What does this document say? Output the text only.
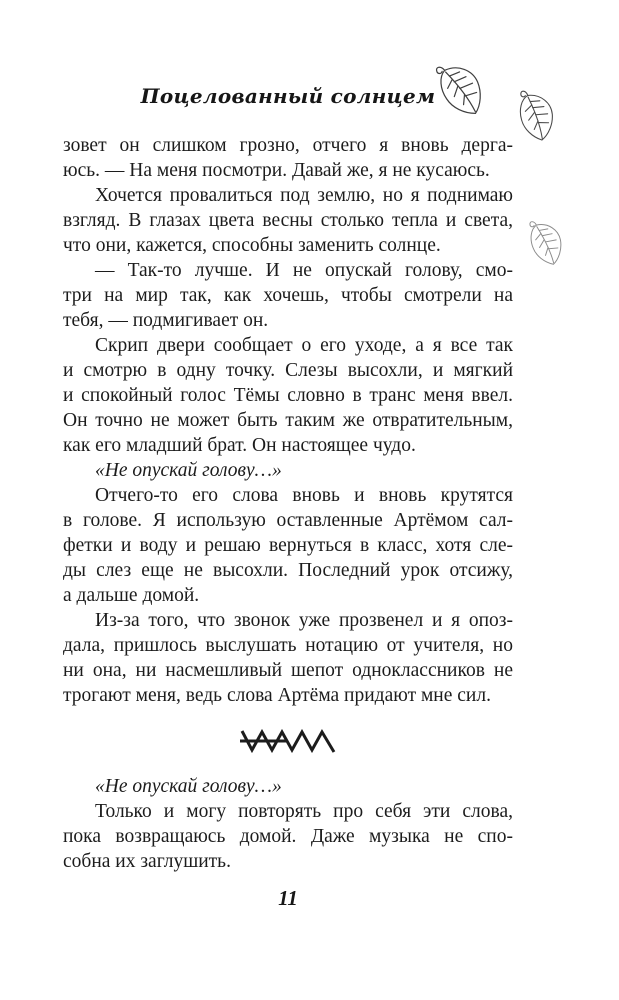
Поцелованный солнцем
зовет он слишком грозно, отчего я вновь дерга-
юсь. — На меня посмотри. Давай же, я не кусаюсь.
Хочется провалиться под землю, но я поднимаю
взгляд. В глазах цвета весны столько тепла и света,
что они, кажется, способны заменить солнце.
— Так-то лучше. И не опускай голову, смо-
три на мир так, как хочешь, чтобы смотрели на
тебя, — подмигивает он.
Скрип двери сообщает о его уходе, а я все так
и смотрю в одну точку. Слезы высохли, и мягкий
и спокойный голос Тёмы словно в транс меня ввел.
Он точно не может быть таким же отвратительным,
как его младший брат. Он настоящее чудо.
«Не опускай голову…»
Отчего-то его слова вновь и вновь крутятся
в голове. Я использую оставленные Артёмом сал-
фетки и воду и решаю вернуться в класс, хотя сле-
ды слез еще не высохли. Последний урок отсижу,
а дальше домой.
Из-за того, что звонок уже прозвенел и я опоз-
дала, пришлось выслушать нотацию от учителя, но
ни она, ни насмешливый шепот одноклассников не
трогают меня, ведь слова Артёма придают мне сил.
«Не опускай голову…»
Только и могу повторять про себя эти слова,
пока возвращаюсь домой. Даже музыка не спо-
собна их заглушить.
11
